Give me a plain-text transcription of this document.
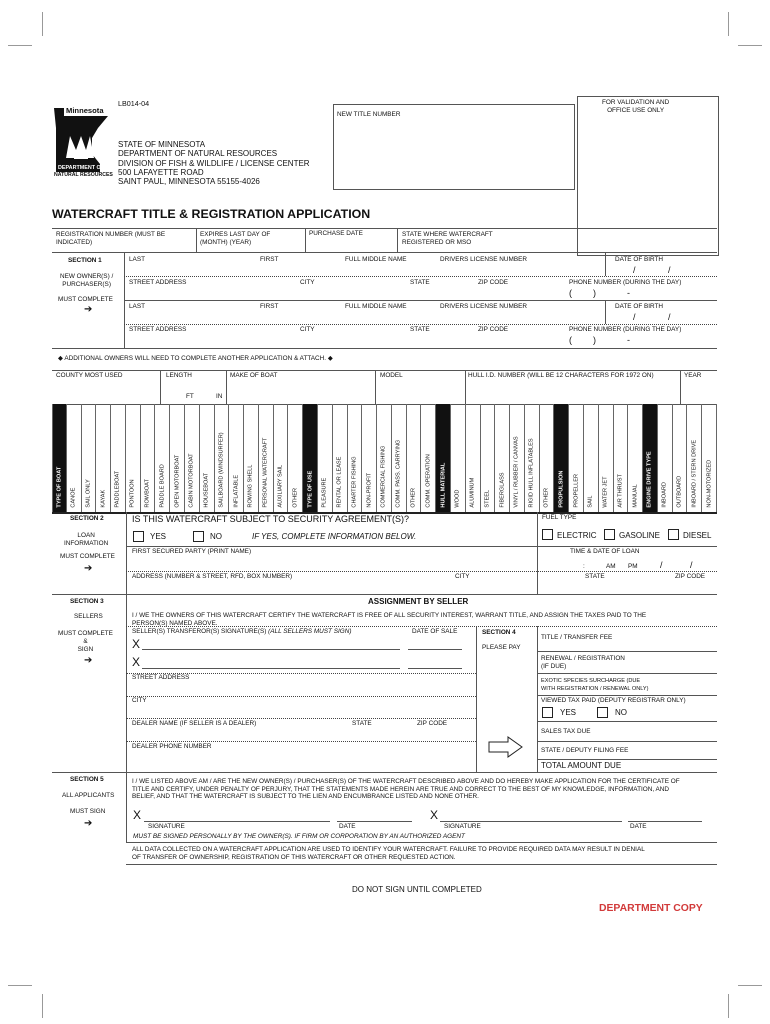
LB014-04
Minnesota
DEPARTMENT OF
NATURAL RESOURCES
STATE OF MINNESOTA
DEPARTMENT OF NATURAL RESOURCES
DIVISION OF FISH & WILDLIFE / LICENSE CENTER
500 LAFAYETTE ROAD
SAINT PAUL, MINNESOTA 55155-4026
NEW TITLE NUMBER
FOR VALIDATION AND
OFFICE USE ONLY
WATERCRAFT TITLE & REGISTRATION APPLICATION
REGISTRATION NUMBER (MUST BE
INDICATED)
EXPIRES LAST DAY OF
(MONTH) (YEAR)
PURCHASE DATE	STATE WHERE WATERCRAFT
REGISTERED OR MSO
SECTION 1
NEW OWNER(S) /
PURCHASER(S)
MUST COMPLETE
➔
LAST	FIRST	FULL MIDDLE NAME	DRIVERS LICENSE NUMBER	DATE OF BIRTH
/	/
STREET ADDRESS	CITY	STATE	ZIP CODE	PHONE NUMBER (DURING THE DAY)
( )	-
LAST	FIRST	FULL MIDDLE NAME	DRIVERS LICENSE NUMBER	DATE OF BIRTH
/	/
STREET ADDRESS	CITY	STATE	ZIP CODE	PHONE NUMBER (DURING THE DAY)
( )	-
◆ ADDITIONAL OWNERS WILL NEED TO COMPLETE ANOTHER APPLICATION & ATTACH. ◆
COUNTY MOST USED	LENGTH	MAKE OF BOAT	MODEL	HULL I.D. NUMBER (WILL BE 12 CHARACTERS FOR 1972 ON)	YEAR
FT	IN
TYPE OF BOAT CANOE SAIL ONLY KAYAK PADDLEBOAT PONTOON ROWBOAT PADDLE BOARD OPEN MOTORBOAT CABIN MOTORBOAT HOUSEBOAT SAILBOARD (WINDSURFER) INFLATABLE ROWING SHELL PERSONAL WATERCRAFT AUXILIARY SAIL OTHER TYPE OF USE PLEASURE RENTAL OR LEASE CHARTER FISHING NON-PROFIT COMMERCIAL FISHING COMM. PASS. CARRYING OTHER COMM. OPERATION HULL MATERIAL WOOD ALUMINUM STEEL FIBERGLASS VINYL / RUBBER / CANVAS RIGID HULL INFLATABLES OTHER PROPULSION PROPELLER SAIL WATER JET AIR THRUST MANUAL ENGINE DRIVE TYPE INBOARD OUTBOARD INBOARD / STERN DRIVE NON-MOTORIZED
SECTION 2
LOAN
INFORMATION
MUST COMPLETE
➔
IS THIS WATERCRAFT SUBJECT TO SECURITY AGREEMENT(S)?
YES	NO	IF YES, COMPLETE INFORMATION BELOW.
FIRST SECURED PARTY (PRINT NAME)
ADDRESS (NUMBER & STREET, RFD, BOX NUMBER)	CITY	STATE	ZIP CODE
FUEL TYPE
ELECTRIC	GASOLINE	DIESEL
TIME & DATE OF LOAN
:	AM PM /	/
SECTION 3
SELLERS
MUST COMPLETE
&
SIGN
➔
ASSIGNMENT BY SELLER
I / WE THE OWNERS OF THIS WATERCRAFT CERTIFY THE WATERCRAFT IS FREE OF ALL SECURITY INTEREST, WARRANT TITLE, AND ASSIGN THE TAXES PAID TO THE
PERSON(S) NAMED ABOVE.
SELLER(S) TRANSFEROR(S) SIGNATURE(S) (ALL SELLERS MUST SIGN)	DATE OF SALE
X
X
STREET ADDRESS
CITY
DEALER NAME (IF SELLER IS A DEALER)	STATE	ZIP CODE
DEALER PHONE NUMBER
SECTION 4
PLEASE PAY
TITLE / TRANSFER FEE
RENEWAL / REGISTRATION
(IF DUE)
EXOTIC SPECIES SURCHARGE (DUE
WITH REGISTRATION / RENEWAL ONLY)
VIEWED TAX PAID (DEPUTY REGISTRAR ONLY)
YES	NO
SALES TAX DUE
STATE / DEPUTY FILING FEE
TOTAL AMOUNT DUE
SECTION 5
ALL APPLICANTS
MUST SIGN
➔
I / WE LISTED ABOVE AM / ARE THE NEW OWNER(S) / PURCHASER(S) OF THE WATERCRAFT DESCRIBED ABOVE AND DO HEREBY MAKE APPLICATION FOR THE CERTIFICATE OF
TITLE AND CERTIFY, UNDER PENALTY OF PERJURY, THAT THE STATEMENTS MADE HEREIN ARE TRUE AND CORRECT TO THE BEST OF MY KNOWLEDGE, INFORMATION, AND
BELIEF, AND THAT THE WATERCRAFT IS SUBJECT TO THE LIEN AND ENCUMBRANCE LISTED AND NONE OTHER.
X
SIGNATURE	DATE
X
SIGNATURE	DATE
MUST BE SIGNED PERSONALLY BY THE OWNER(S). IF FIRM OR CORPORATION BY AN AUTHORIZED AGENT
ALL DATA COLLECTED ON A WATERCRAFT APPLICATION ARE USED TO IDENTIFY YOUR WATERCRAFT. FAILURE TO PROVIDE REQUIRED DATA MAY RESULT IN DENIAL
OF TRANSFER OF OWNERSHIP, REGISTRATION OF THIS WATERCRAFT OR OTHER REQUESTED ACTION.
DO NOT SIGN UNTIL COMPLETED
DEPARTMENT COPY
